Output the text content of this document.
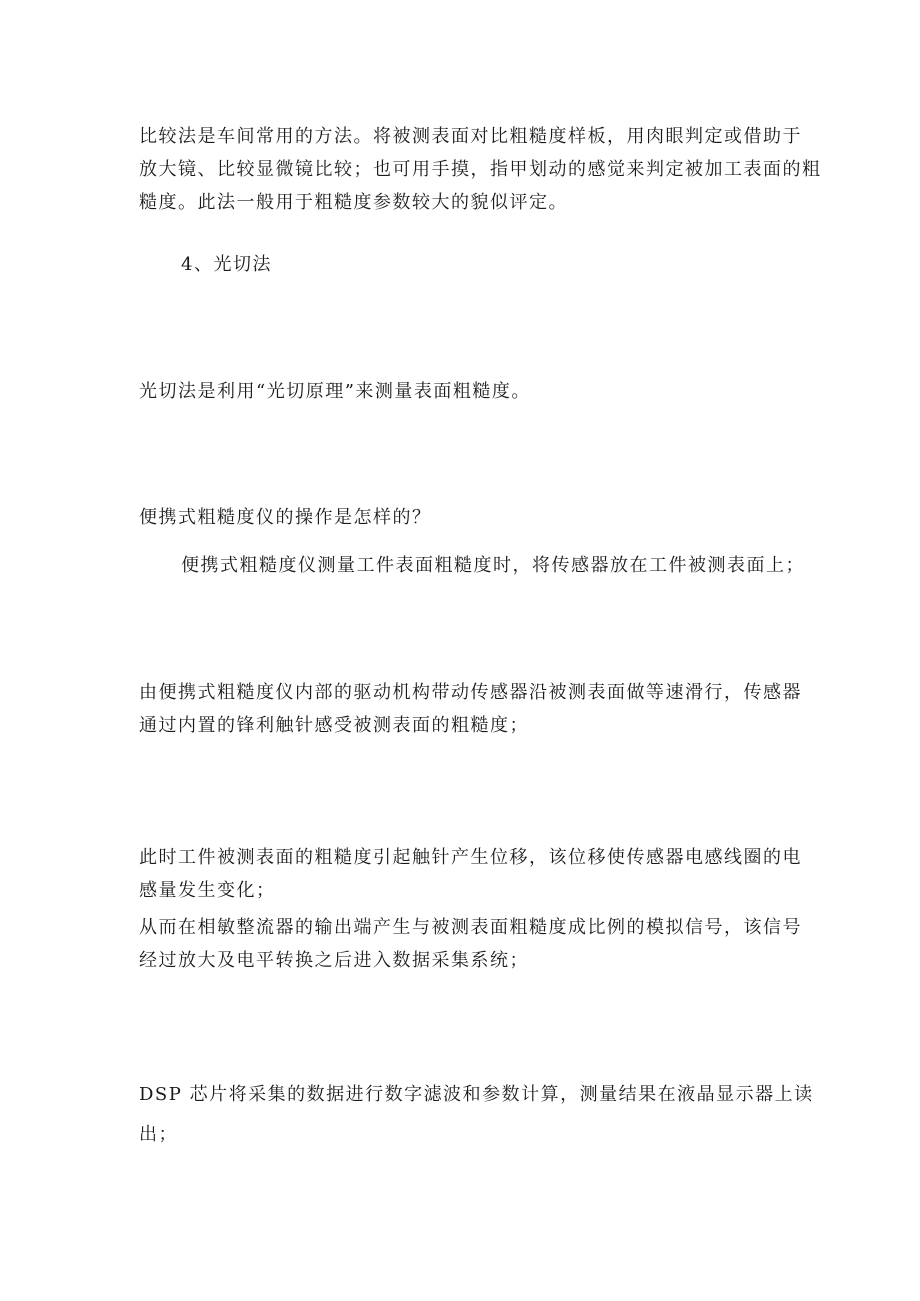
比较法是车间常用的方法。将被测表面对比粗糙度样板，用肉眼判定或借助于
放大镜、比较显微镜比较；也可用手摸，指甲划动的感觉来判定被加工表面的粗
糙度。此法一般用于粗糙度参数较大的貌似评定。

4、光切法

光切法是利用“光切原理”来测量表面粗糙度。

便携式粗糙度仪的操作是怎样的？

便携式粗糙度仪测量工件表面粗糙度时，将传感器放在工件被测表面上；

由便携式粗糙度仪内部的驱动机构带动传感器沿被测表面做等速滑行，传感器
通过内置的锋利触针感受被测表面的粗糙度；

此时工件被测表面的粗糙度引起触针产生位移，该位移使传感器电感线圈的电
感量发生变化；

从而在相敏整流器的输出端产生与被测表面粗糙度成比例的模拟信号，该信号
经过放大及电平转换之后进入数据采集系统；

DSP 芯片将采集的数据进行数字滤波和参数计算，测量结果在液晶显示器上读
出；
